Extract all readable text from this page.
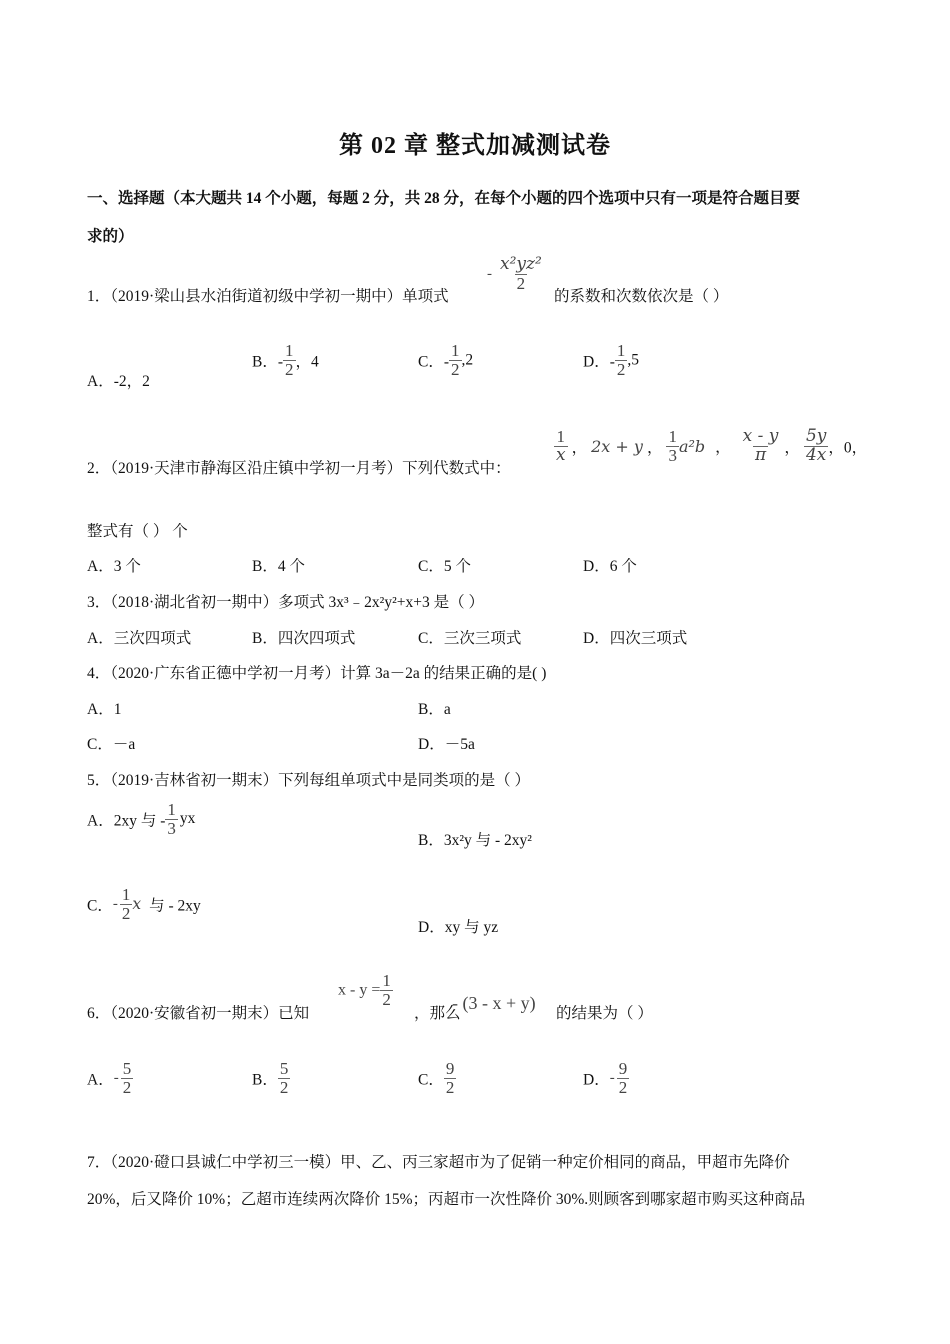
第 02 章 整式加减测试卷
一、选择题（本大题共 14 个小题，每题 2 分，共 28 分，在每个小题的四个选项中只有一项是符合题目要
求的）
1．（2019·梁山县水泊街道初级中学初一期中）单项式
- $\frac{\text{x²yz²}}{2}$
的系数和次数依次是（ ）
A．-2，2
B．- $\frac{1}{2}$ ，4	C．- $\frac{1}{2} ,2$	D．- $\frac{1}{2} ,5$
2．（2019·天津市静海区沿庄镇中学初一月考）下列代数式中：
$\frac{1}{x}$ ， 2x + y ， $\frac{1}{3} a^2b$ ， $\frac{x - y}{\pi}$ ， $\frac{5y}{4x}$ ，0，
整式有（ ） 个
A．3 个	B．4 个	C．5 个	D．6 个
3．（2018·湖北省初一期中）多项式 3x³﹣2x²y²+x+3 是（ ）
A．三次四项式	B．四次四项式	C．三次三项式	D．四次三项式
4．（2020·广东省正德中学初一月考）计算 3a－2a 的结果正确的是( )
A．1	B．a
C．－a	D．－5a
5．（2019·吉林省初一期末）下列每组单项式中是同类项的是（ ）
A．2xy 与 - $\frac{1}{3}$ yx
B．3x²y 与 - 2xy²
C．- $\frac{1}{2}$ x 与 - 2xy
D．xy 与 yz
6．（2020·安徽省初一期末）已知
$x - y = \frac{1}{2}$
，那么
- (3 - x + y)
的结果为（ ）
A．- $\frac{5}{2}$	B． $\frac{5}{2}$	C． $\frac{9}{2}$	D．- $\frac{9}{2}$
7．（2020·磴口县诚仁中学初三一模）甲、乙、丙三家超市为了促销一种定价相同的商品，甲超市先降价
20%，后又降价 10%；乙超市连续两次降价 15%；丙超市一次性降价 30%.则顾客到哪家超市购买这种商品
